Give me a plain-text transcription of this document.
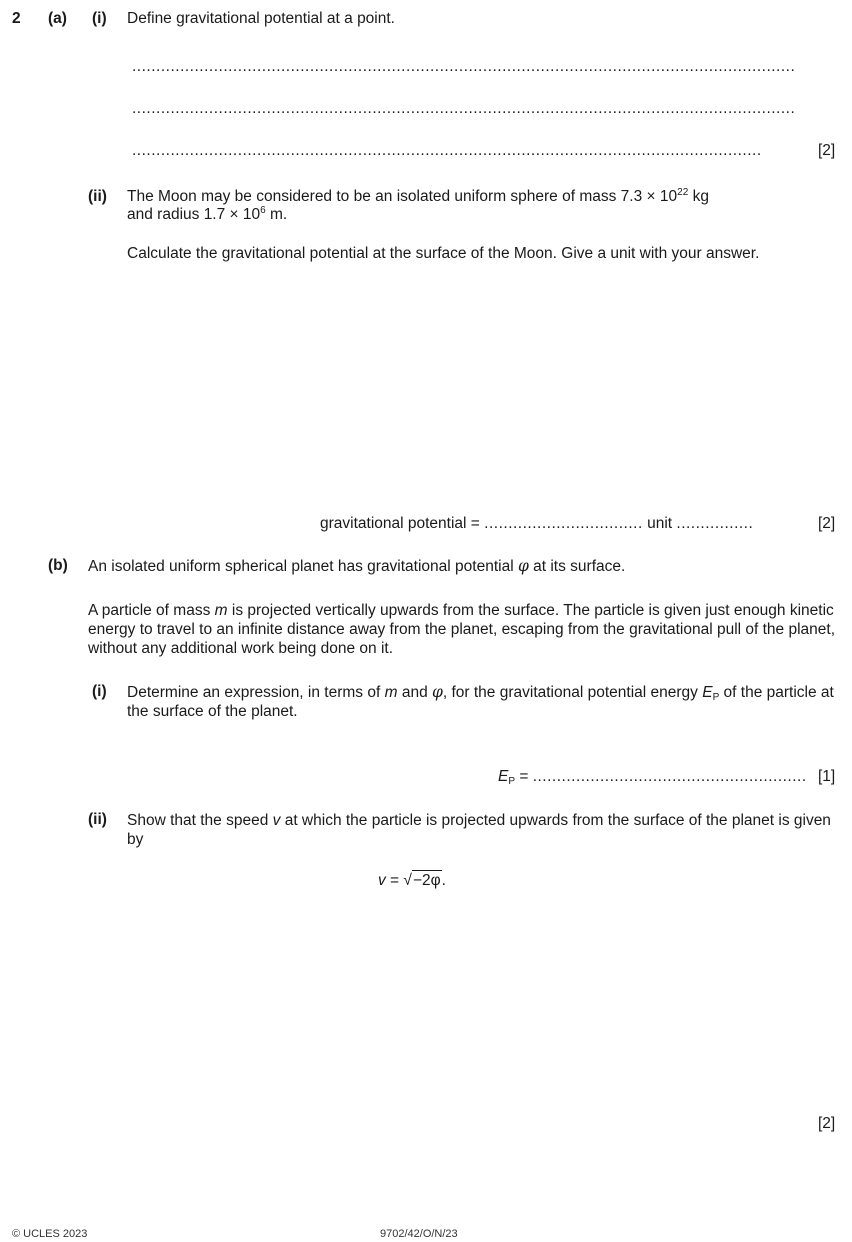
2 (a) (i) Define gravitational potential at a point.
..........................................................................................................................................
..........................................................................................................................................
...................................................................................................................................	[2]
(ii) The Moon may be considered to be an isolated uniform sphere of mass $7.3 \times 10^{22}$ kg
and radius $1.7 \times 10^6$ m.
Calculate the gravitational potential at the surface of the Moon. Give a unit with your answer.
gravitational potential = ................................. unit ................	[2]
(b) An isolated uniform spherical planet has gravitational potential φ at its surface.
A particle of mass m is projected vertically upwards from the surface. The particle is given just enough kinetic energy to travel to an infinite distance away from the planet, escaping from the gravitational pull of the planet, without any additional work being done on it.
(i) Determine an expression, in terms of m and φ, for the gravitational potential energy $E_P$ of the particle at the surface of the planet.
$E_P$ = ......................................................... [1]
(ii) Show that the speed v at which the particle is projected upwards from the surface of the planet is given by
v = √−2φ.
[2]
© UCLES 2023	9702/42/O/N/23
